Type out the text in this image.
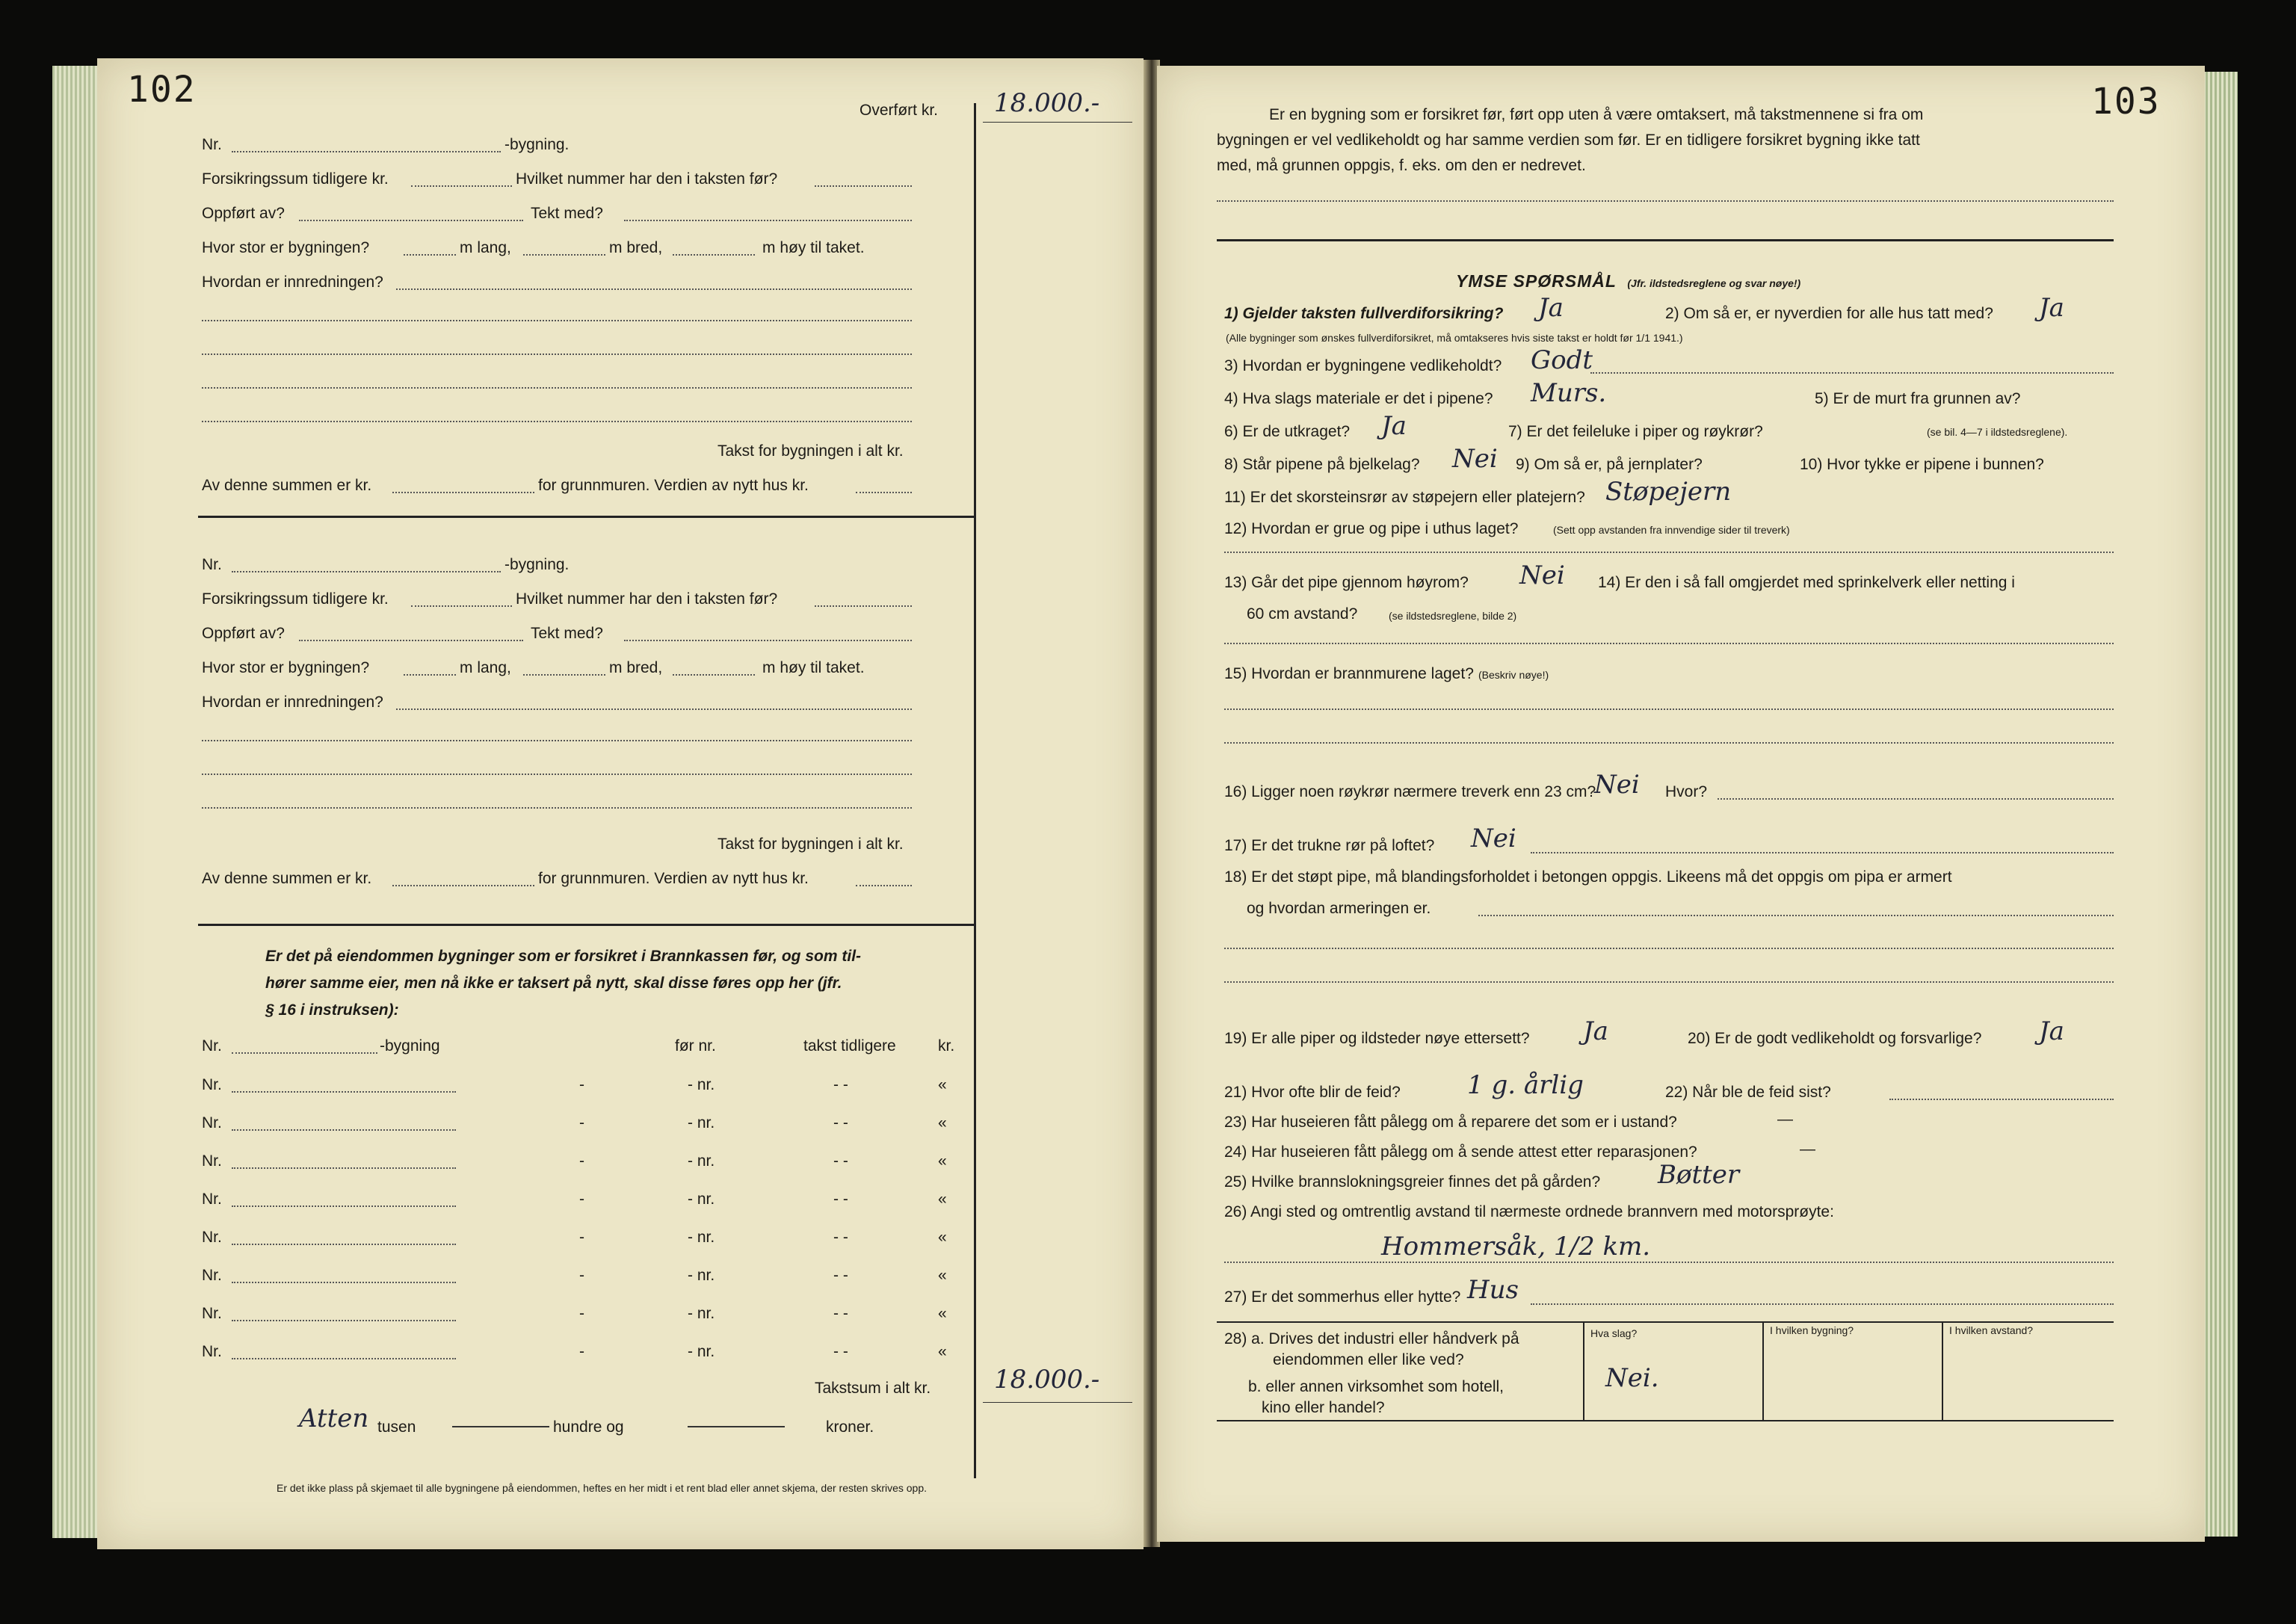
102	Overført kr. 18.000.-
Nr.	-bygning.
Forsikringssum tidligere kr.	Hvilket nummer har den i taksten før?
Oppført av?	Tekt med?
Hvor stor er bygningen?	m lang,	m bred,	m høy til taket.
Hvordan er innredningen?
Takst for bygningen i alt kr.
Av denne summen er kr.	for grunnmuren. Verdien av nytt hus kr.
Nr.	-bygning.
Forsikringssum tidligere kr.	Hvilket nummer har den i taksten før?
Oppført av?	Tekt med?
Hvor stor er bygningen?	m lang,	m bred,	m høy til taket.
Hvordan er innredningen?
Takst for bygningen i alt kr.
Av denne summen er kr.	for grunnmuren. Verdien av nytt hus kr.
Er det på eiendommen bygninger som er forsikret i Brannkassen før, og som til-
hører samme eier, men nå ikke er taksert på nytt, skal disse føres opp her (jfr.
§ 16 i instruksen):
Nr.	-bygning	før nr.	takst tidligere	kr.
Nr.	-	- nr.	- -	«
Nr.	-	- nr.	- -	«
Nr.	-	- nr.	- -	«
Nr.	-	- nr.	- -	«
Nr.	-	- nr.	- -	«
Nr.	-	- nr.	- -	«
Nr.	-	- nr.	- -	«
Nr.	-	- nr.	- -	«
Takstsum i alt kr. 18.000.-
Atten tusen	hundre og	kroner.
Er det ikke plass på skjemaet til alle bygningene på eiendommen, heftes en her midt i et rent blad eller annet skjema, der resten skrives opp.
103
Er en bygning som er forsikret før, ført opp uten å være omtaksert, må takstmennene si fra om
bygningen er vel vedlikeholdt og har samme verdien som før. Er en tidligere forsikret bygning ikke tatt
med, må grunnen oppgis, f. eks. om den er nedrevet.
YMSE SPØRSMÅL (Jfr. ildstedsreglene og svar nøye!)
1) Gjelder taksten fullverdiforsikring? Ja	2) Om så er, er nyverdien for alle hus tatt med? Ja
(Alle bygninger som ønskes fullverdiforsikret, må omtakseres hvis siste takst er holdt før 1/1 1941.)
3) Hvordan er bygningene vedlikeholdt? Godt
4) Hva slags materiale er det i pipene? Murs.	5) Er de murt fra grunnen av?
6) Er de utkraget? Ja	7) Er det feileluke i piper og røykrør?	(se bil. 4—7 i ildstedsreglene).
8) Står pipene på bjelkelag? Nei 9) Om så er, på jernplater?	10) Hvor tykke er pipene i bunnen?
11) Er det skorsteinsrør av støpejern eller platejern? Støpejern
12) Hvordan er grue og pipe i uthus laget?	(Sett opp avstanden fra innvendige sider til treverk)
13) Går det pipe gjennom høyrom? Nei 14) Er den i så fall omgjerdet med sprinkelverk eller netting i
60 cm avstand?	(se ildstedsreglene, bilde 2)
15) Hvordan er brannmurene laget? (Beskriv nøye!)
16) Ligger noen røykrør nærmere treverk enn 23 cm?
Nei Hvor?
17) Er det trukne rør på loftet? Nei
18) Er det støpt pipe, må blandingsforholdet i betongen oppgis. Likeens må det oppgis om pipa er armert
og hvordan armeringen er.
19) Er alle piper og ildsteder nøye ettersett? Ja	20) Er de godt vedlikeholdt og forsvarlige? Ja
21) Hvor ofte blir de feid?	1 g. årlig	22) Når ble de feid sist?
23) Har huseieren fått pålegg om å reparere det som er i ustand?	—
24) Har huseieren fått pålegg om å sende attest etter reparasjonen?	—
25) Hvilke brannslokningsgreier finnes det på gården? Bøtter
26) Angi sted og omtrentlig avstand til nærmeste ordnede brannvern med motorsprøyte:
Hommersåk, 1/2 km.
27) Er det sommerhus eller hytte? Hus
28) a. Drives det industri eller håndverk på
eiendommen eller like ved?
b. eller annen virksomhet som hotell,
kino eller handel?
Hva slag?	I hvilken bygning?	I hvilken avstand?
Nei.
